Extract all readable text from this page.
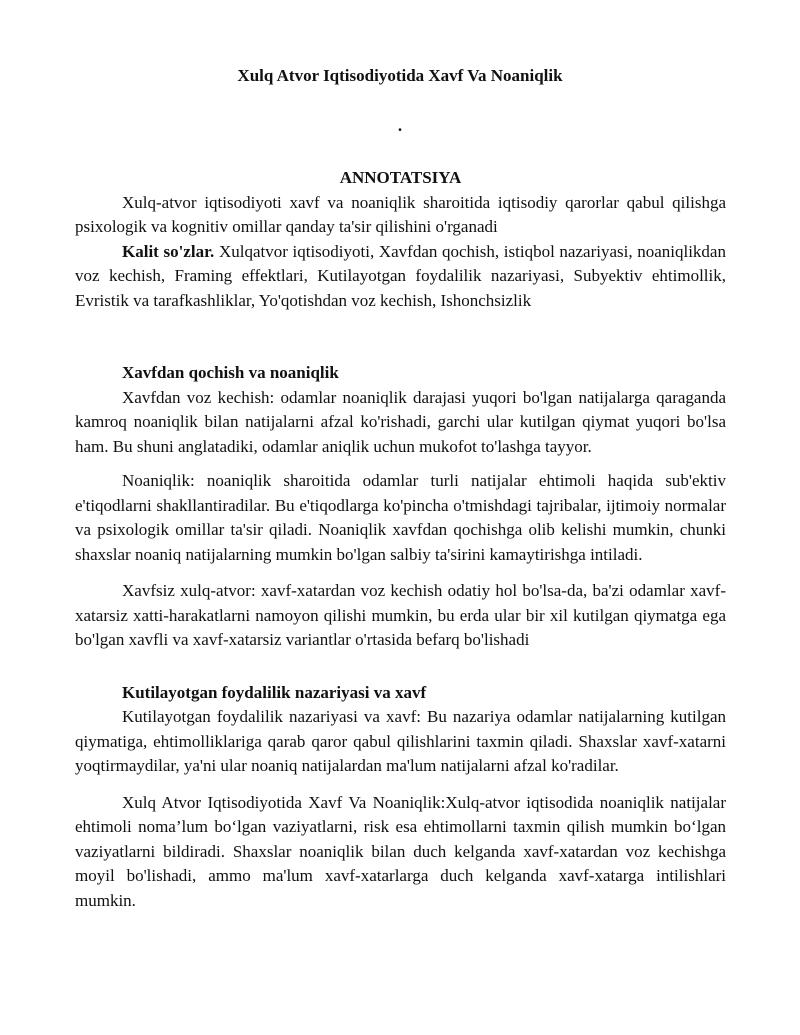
Xulq Atvor Iqtisodiyotida Xavf Va Noaniqlik
.

ANNOTATSIYA

Xulq-atvor iqtisodiyoti xavf va noaniqlik sharoitida iqtisodiy qarorlar qabul qilishga psixologik va kognitiv omillar qanday ta'sir qilishini o'rganadi

Kalit so'zlar. Xulqatvor iqtisodiyoti, Xavfdan qochish, istiqbol nazariyasi, noaniqlikdan voz kechish, Framing effektlari, Kutilayotgan foydalilik nazariyasi, Subyektiv ehtimollik, Evristik va tarafkashliklar, Yo'qotishdan voz kechish, Ishonchsizlik

Xavfdan qochish va noaniqlik

Xavfdan voz kechish: odamlar noaniqlik darajasi yuqori bo'lgan natijalarga qaraganda kamroq noaniqlik bilan natijalarni afzal ko'rishadi, garchi ular kutilgan qiymat yuqori bo'lsa ham. Bu shuni anglatadiki, odamlar aniqlik uchun mukofot to'lashga tayyor.

Noaniqlik: noaniqlik sharoitida odamlar turli natijalar ehtimoli haqida sub'ektiv e'tiqodlarni shakllantiradilar. Bu e'tiqodlarga ko'pincha o'tmishdagi tajribalar, ijtimoiy normalar va psixologik omillar ta'sir qiladi. Noaniqlik xavfdan qochishga olib kelishi mumkin, chunki shaxslar noaniq natijalarning mumkin bo'lgan salbiy ta'sirini kamaytirishga intiladi.

Xavfsiz xulq-atvor: xavf-xatardan voz kechish odatiy hol bo'lsa-da, ba'zi odamlar xavf-xatarsiz xatti-harakatlarni namoyon qilishi mumkin, bu erda ular bir xil kutilgan qiymatga ega bo'lgan xavfli va xavf-xatarsiz variantlar o'rtasida befarq bo'lishadi

Kutilayotgan foydalilik nazariyasi va xavf

Kutilayotgan foydalilik nazariyasi va xavf: Bu nazariya odamlar natijalarning kutilgan qiymatiga, ehtimolliklariga qarab qaror qabul qilishlarini taxmin qiladi. Shaxslar xavf-xatarni yoqtirmaydilar, ya'ni ular noaniq natijalardan ma'lum natijalarni afzal ko'radilar.

Xulq Atvor Iqtisodiyotida Xavf Va Noaniqlik:Xulq-atvor iqtisodida noaniqlik natijalar ehtimoli noma’lum bo‘lgan vaziyatlarni, risk esa ehtimollarni taxmin qilish mumkin bo‘lgan vaziyatlarni bildiradi. Shaxslar noaniqlik bilan duch kelganda xavf-xatardan voz kechishga moyil bo'lishadi, ammo ma'lum xavf-xatarlarga duch kelganda xavf-xatarga intilishlari mumkin.
